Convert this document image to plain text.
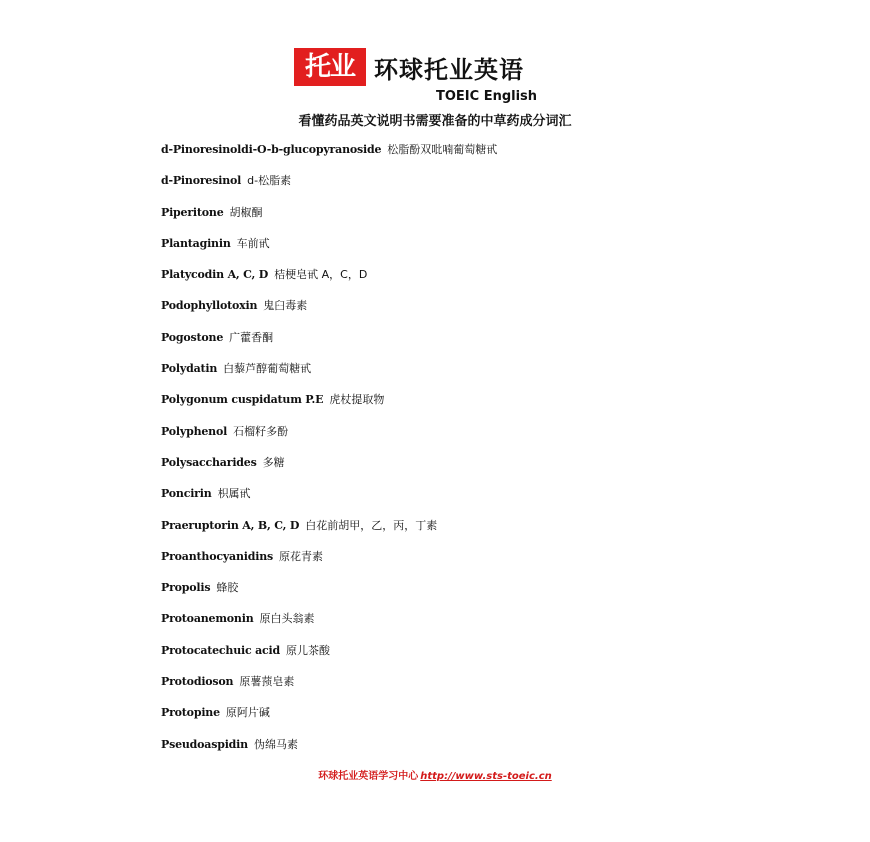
托业 环球托业英语
TOEIC English
看懂药品英文说明书需要准备的中草药成分词汇
d-Pinoresinoldi-O-b-glucopyranoside 松脂酚双吡喃葡萄糖甙
d-Pinoresinol d-松脂素
Piperitone 胡椒酮
Plantaginin 车前甙
Platycodin A, C, D 桔梗皂甙 A，C，D
Podophyllotoxin 鬼臼毒素
Pogostone 广藿香酮
Polydatin 白藜芦醇葡萄糖甙
Polygonum cuspidatum P.E 虎杖提取物
Polyphenol 石榴籽多酚
Polysaccharides 多糖
Poncirin 枳属甙
Praeruptorin A, B, C, D 白花前胡甲，乙，丙，丁素
Proanthocyanidins 原花青素
Propolis 蜂胶
Protoanemonin 原白头翁素
Protocatechuic acid 原儿茶酸
Protodioson 原薯蓣皂素
Protopine 原阿片碱
Pseudoaspidin 伪绵马素
环球托业英语学习中心 http://www.sts-toeic.cn
